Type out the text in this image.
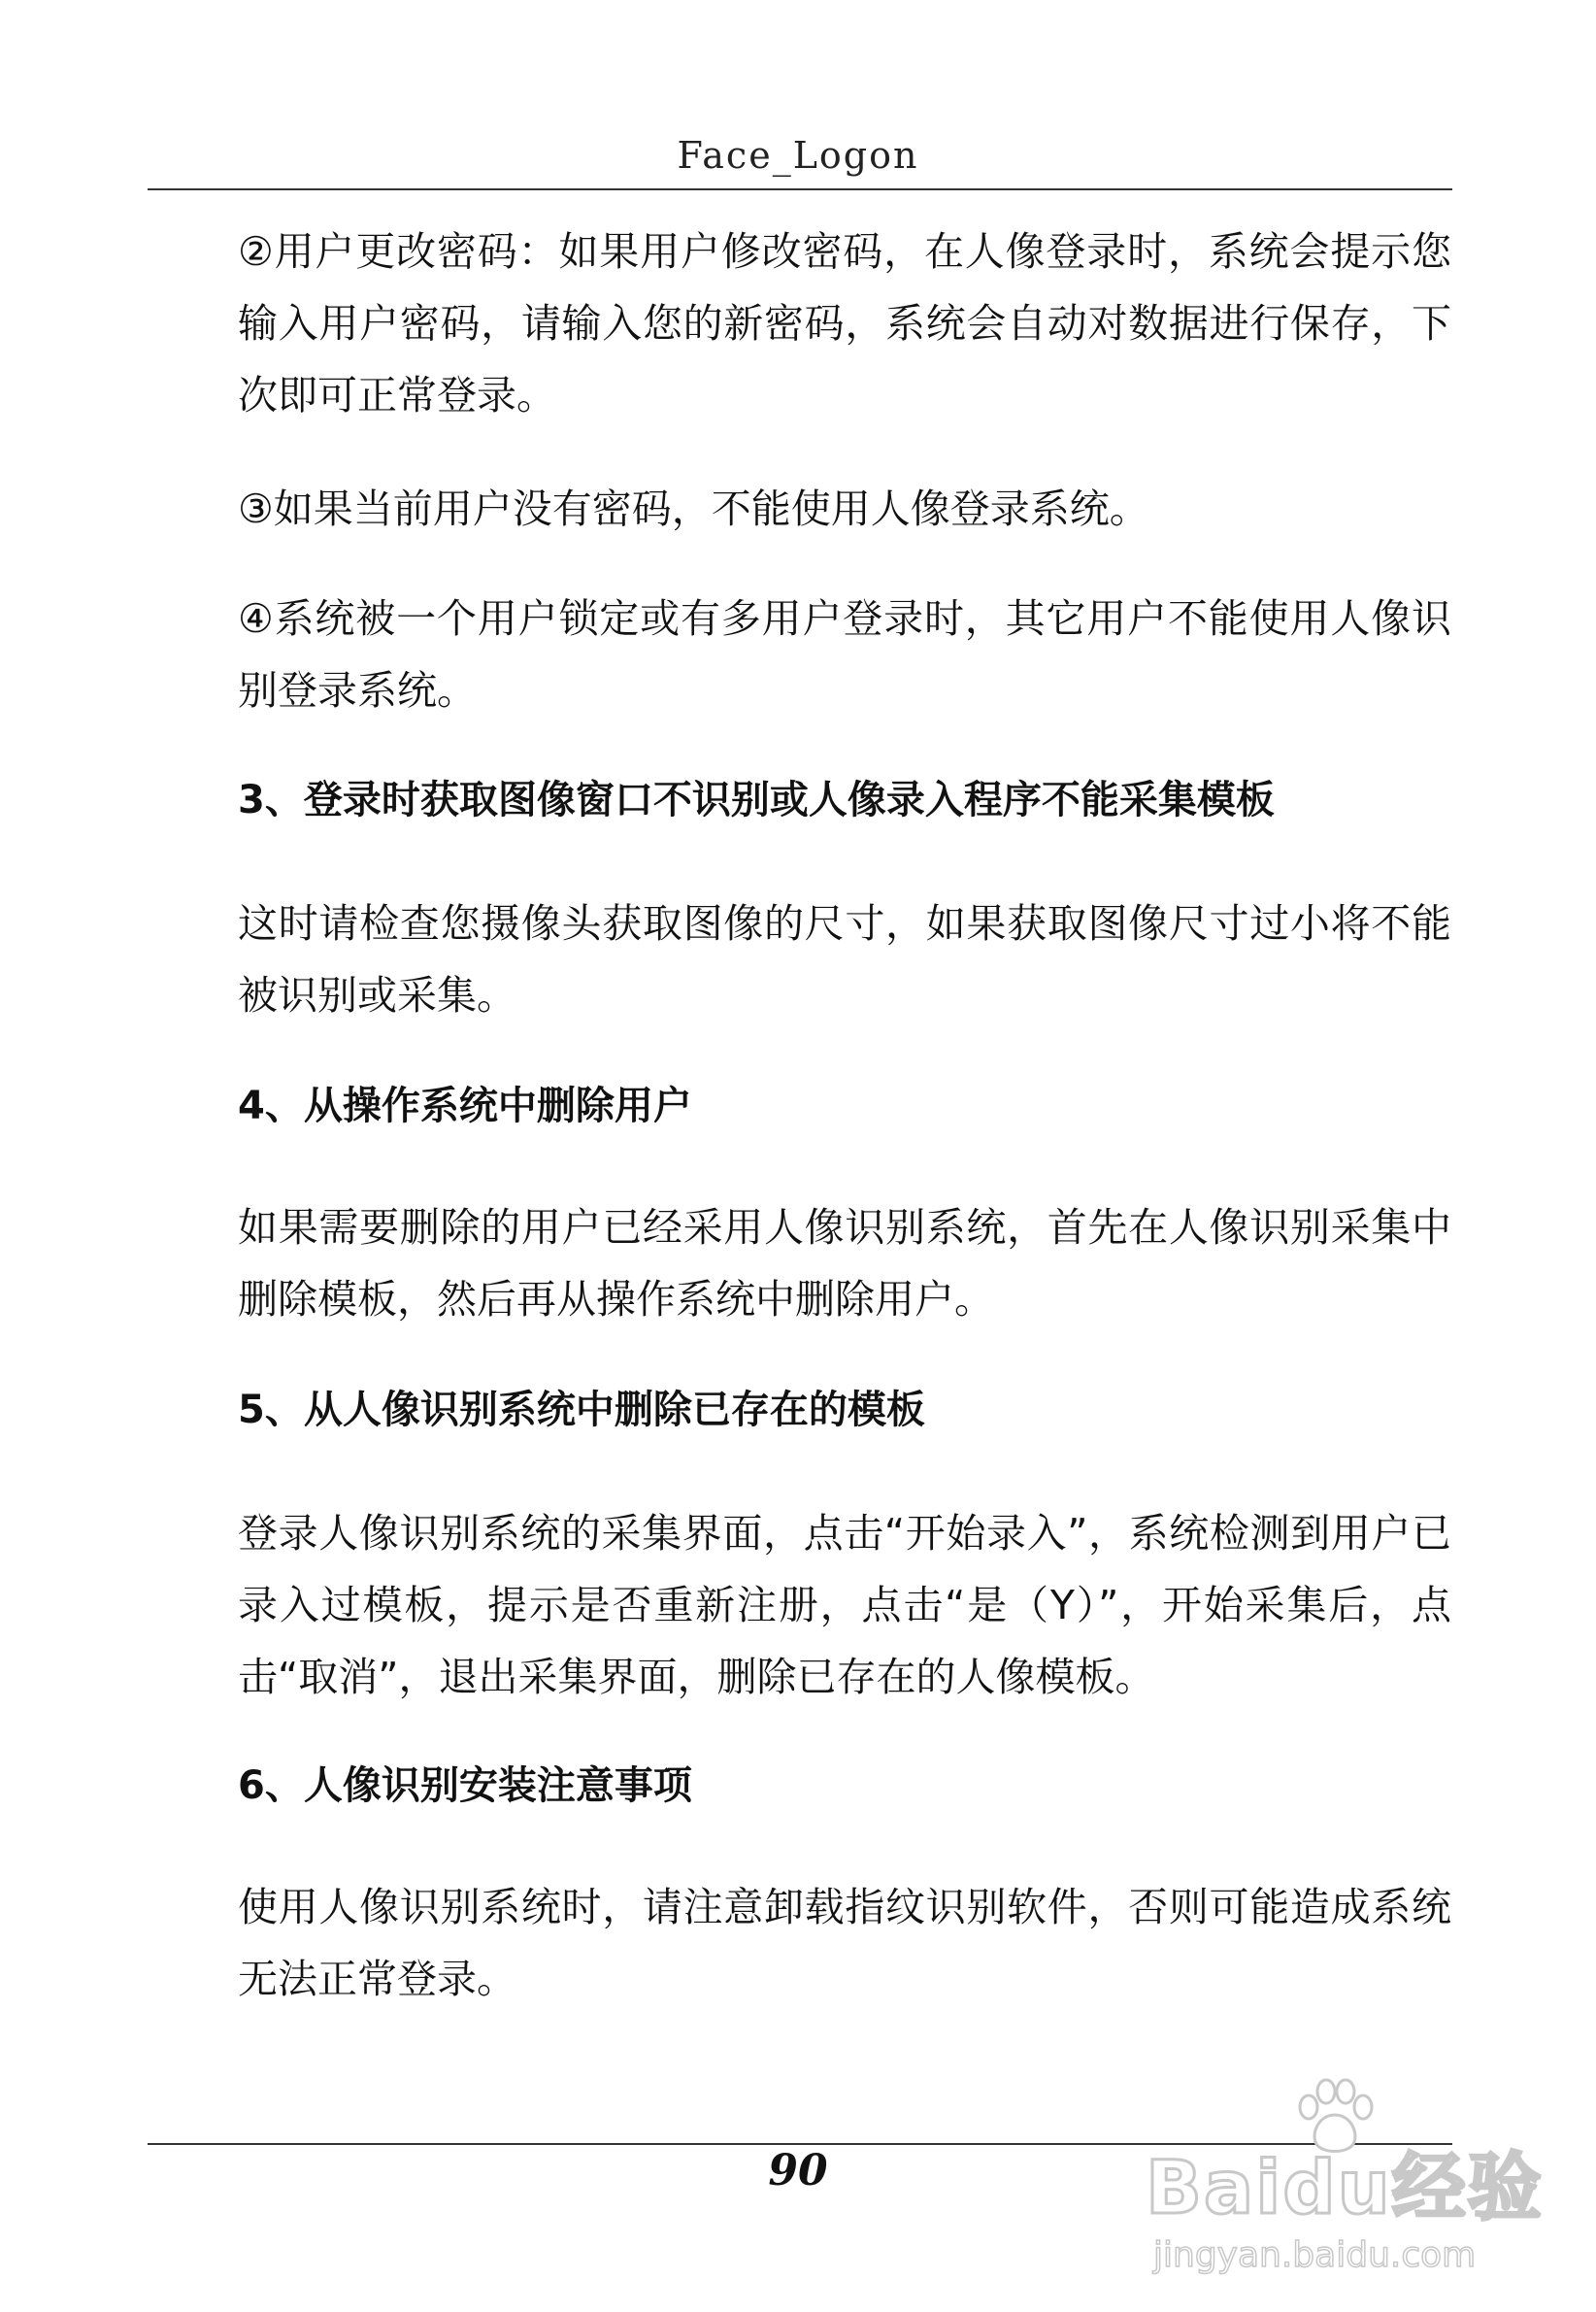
Face_Logon

②用户更改密码：如果用户修改密码，在人像登录时，系统会提示您输入用户密码，请输入您的新密码，系统会自动对数据进行保存，下次即可正常登录。

③如果当前用户没有密码，不能使用人像登录系统。

④系统被一个用户锁定或有多用户登录时，其它用户不能使用人像识别登录系统。

3、登录时获取图像窗口不识别或人像录入程序不能采集模板

这时请检查您摄像头获取图像的尺寸，如果获取图像尺寸过小将不能被识别或采集。

4、从操作系统中删除用户

如果需要删除的用户已经采用人像识别系统，首先在人像识别采集中删除模板，然后再从操作系统中删除用户。

5、从人像识别系统中删除已存在的模板

登录人像识别系统的采集界面，点击“开始录入”，系统检测到用户已录入过模板，提示是否重新注册，点击“是（Y）”，开始采集后，点击“取消”，退出采集界面，删除已存在的人像模板。

6、人像识别安装注意事项

使用人像识别系统时，请注意卸载指纹识别软件，否则可能造成系统无法正常登录。

90	Baidu经验
jingyan.baidu.com
